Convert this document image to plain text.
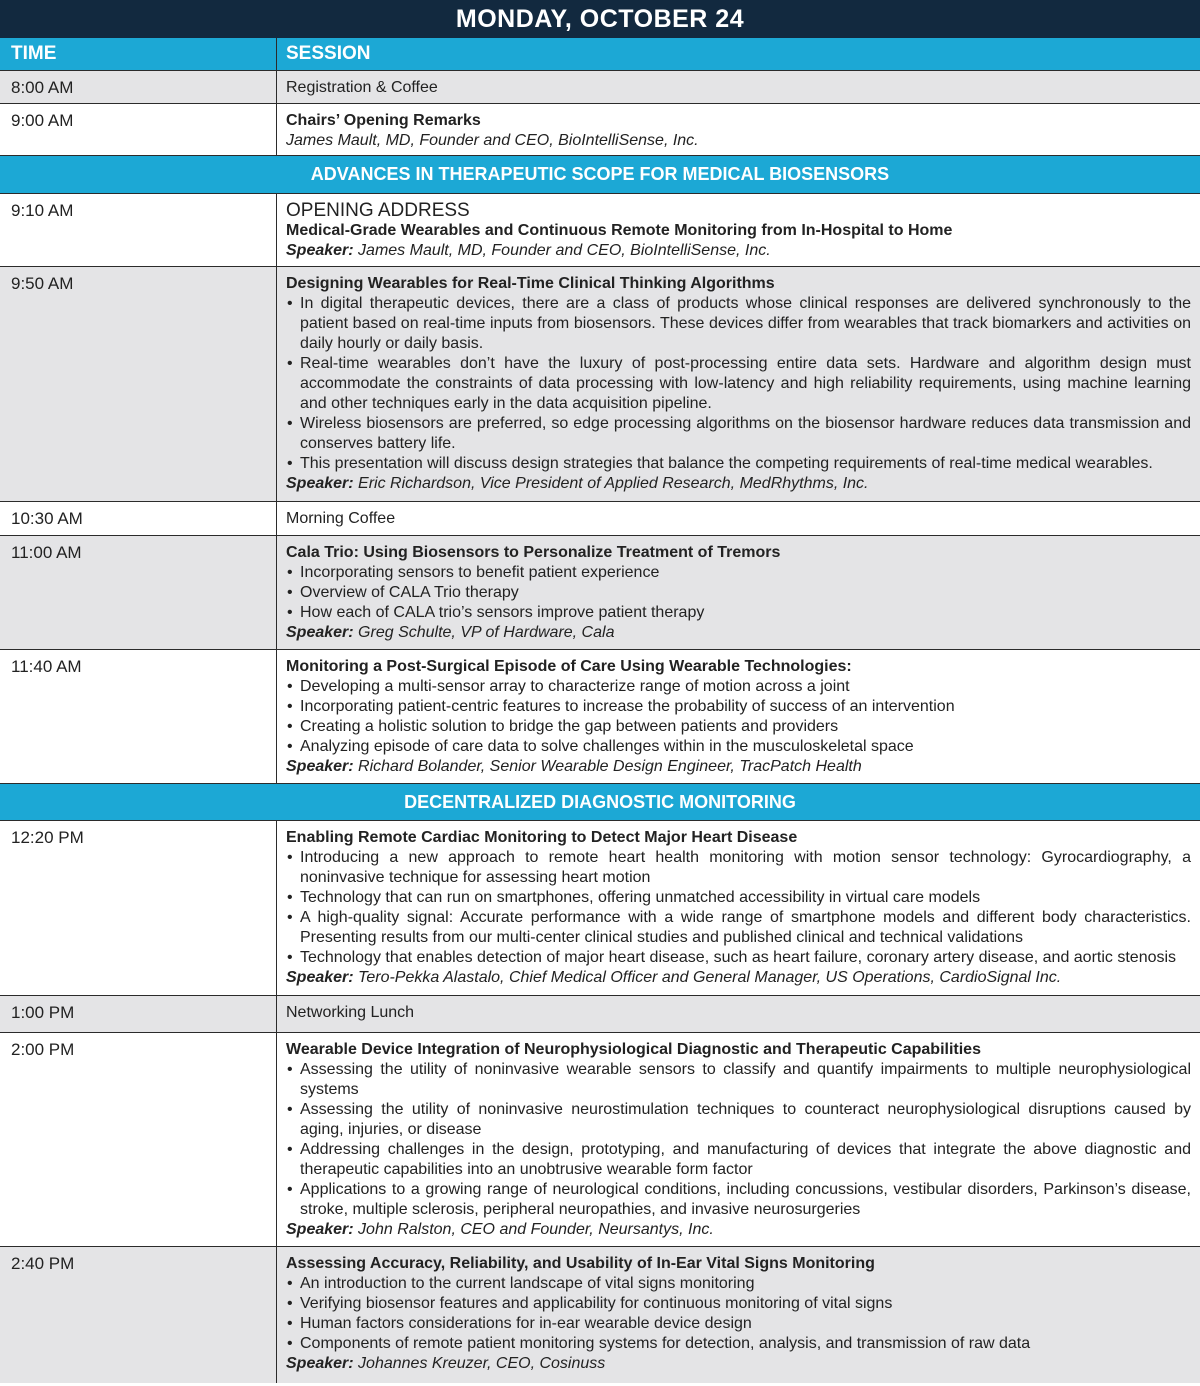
MONDAY, OCTOBER 24
TIME	SESSION
8:00 AM	Registration & Coffee
9:00 AM	Chairs’ Opening Remarks
James Mault, MD, Founder and CEO, BioIntelliSense, Inc.
ADVANCES IN THERAPEUTIC SCOPE FOR MEDICAL BIOSENSORS
9:10 AM	OPENING ADDRESS
Medical-Grade Wearables and Continuous Remote Monitoring from In-Hospital to Home
Speaker: James Mault, MD, Founder and CEO, BioIntelliSense, Inc.
9:50 AM	Designing Wearables for Real-Time Clinical Thinking Algorithms
• In digital therapeutic devices, there are a class of products whose clinical responses are delivered synchronously to the patient based on real-time inputs from biosensors. These devices differ from wearables that track biomarkers and activities on daily hourly or daily basis.
• Real-time wearables don’t have the luxury of post-processing entire data sets. Hardware and algorithm design must accommodate the constraints of data processing with low-latency and high reliability requirements, using machine learning and other techniques early in the data acquisition pipeline.
• Wireless biosensors are preferred, so edge processing algorithms on the biosensor hardware reduces data transmission and conserves battery life.
• This presentation will discuss design strategies that balance the competing requirements of real-time medical wearables.
Speaker: Eric Richardson, Vice President of Applied Research, MedRhythms, Inc.
10:30 AM	Morning Coffee
11:00 AM	Cala Trio: Using Biosensors to Personalize Treatment of Tremors
• Incorporating sensors to benefit patient experience
• Overview of CALA Trio therapy
• How each of CALA trio’s sensors improve patient therapy
Speaker: Greg Schulte, VP of Hardware, Cala
11:40 AM	Monitoring a Post-Surgical Episode of Care Using Wearable Technologies:
• Developing a multi-sensor array to characterize range of motion across a joint
• Incorporating patient-centric features to increase the probability of success of an intervention
• Creating a holistic solution to bridge the gap between patients and providers
• Analyzing episode of care data to solve challenges within in the musculoskeletal space
Speaker: Richard Bolander, Senior Wearable Design Engineer, TracPatch Health
DECENTRALIZED DIAGNOSTIC MONITORING
12:20 PM	Enabling Remote Cardiac Monitoring to Detect Major Heart Disease
• Introducing a new approach to remote heart health monitoring with motion sensor technology: Gyrocardiography, a noninvasive technique for assessing heart motion
• Technology that can run on smartphones, offering unmatched accessibility in virtual care models
• A high-quality signal: Accurate performance with a wide range of smartphone models and different body characteristics. Presenting results from our multi-center clinical studies and published clinical and technical validations
• Technology that enables detection of major heart disease, such as heart failure, coronary artery disease, and aortic stenosis
Speaker: Tero-Pekka Alastalo, Chief Medical Officer and General Manager, US Operations, CardioSignal Inc.
1:00 PM	Networking Lunch
2:00 PM	Wearable Device Integration of Neurophysiological Diagnostic and Therapeutic Capabilities
• Assessing the utility of noninvasive wearable sensors to classify and quantify impairments to multiple neurophysiological systems
• Assessing the utility of noninvasive neurostimulation techniques to counteract neurophysiological disruptions caused by aging, injuries, or disease
• Addressing challenges in the design, prototyping, and manufacturing of devices that integrate the above diagnostic and therapeutic capabilities into an unobtrusive wearable form factor
• Applications to a growing range of neurological conditions, including concussions, vestibular disorders, Parkinson’s disease, stroke, multiple sclerosis, peripheral neuropathies, and invasive neurosurgeries
Speaker: John Ralston, CEO and Founder, Neursantys, Inc.
2:40 PM	Assessing Accuracy, Reliability, and Usability of In-Ear Vital Signs Monitoring
• An introduction to the current landscape of vital signs monitoring
• Verifying biosensor features and applicability for continuous monitoring of vital signs
• Human factors considerations for in-ear wearable device design
• Components of remote patient monitoring systems for detection, analysis, and transmission of raw data
Speaker: Johannes Kreuzer, CEO, Cosinuss
